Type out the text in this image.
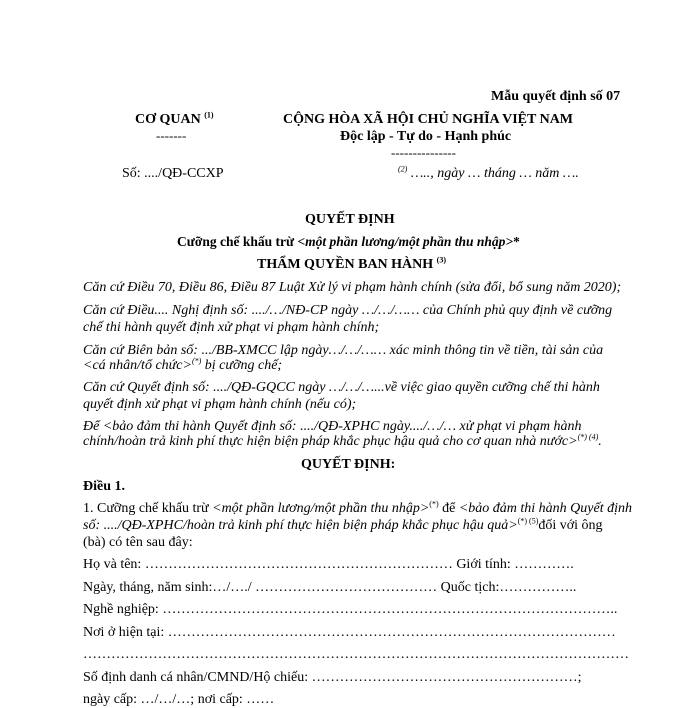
Mẫu quyết định số 07
CƠ QUAN $^{(1)}$
-------
CỘNG HÒA XÃ HỘI CHỦ NGHĨA VIỆT NAM
Độc lập - Tự do - Hạnh phúc
---------------
Số: ..../QĐ-CCXP	$^{(2)}$ ….., ngày … tháng … năm ….
QUYẾT ĐỊNH
Cưỡng chế khấu trừ <một phần lương/một phần thu nhập>*
THẨM QUYỀN BAN HÀNH $^{(3)}$
Căn cứ Điều 70, Điều 86, Điều 87 Luật Xử lý vi phạm hành chính (sửa đổi, bổ sung năm 2020);
Căn cứ Điều.... Nghị định số: ..../…/NĐ-CP ngày …/…/…… của Chính phủ quy định về cưỡng
chế thi hành quyết định xử phạt vi phạm hành chính;
Căn cứ Biên bản số: .../BB-XMCC lập ngày…/…/…… xác minh thông tin về tiền, tài sản của
<cá nhân/tổ chức>(*) bị cưỡng chế;
Căn cứ Quyết định số: ..../QĐ-GQCC ngày …/…/…...về việc giao quyền cưỡng chế thi hành
quyết định xử phạt vi phạm hành chính (nếu có);
Để <bảo đảm thi hành Quyết định số: ..../QĐ-XPHC ngày..../…/… xử phạt vi phạm hành
chính/hoàn trả kinh phí thực hiện biện pháp khắc phục hậu quả cho cơ quan nhà nước>$^{(*) (4)}$.
QUYẾT ĐỊNH:
Điều 1.
1. Cưỡng chế khấu trừ <một phần lương/một phần thu nhập>(*) để <bảo đảm thi hành Quyết định
số: ..../QĐ-XPHC/hoàn trả kinh phí thực hiện biện pháp khắc phục hậu quả>$^{(*) (5)}$đối với ông
(bà) có tên sau đây:
Họ và tên: ………………………………………………………… Giới tính: ………….
Ngày, tháng, năm sinh:…/…./ ………………………………… Quốc tịch:……………..
Nghề nghiệp: ……………………………………………………………………………………..
Nơi ở hiện tại: ……………………………………………………………………………………
………………………………………………………………………………………………………
Số định danh cá nhân/CMND/Hộ chiếu: …………………………………………………;
ngày cấp: …/…/…; nơi cấp: ……
